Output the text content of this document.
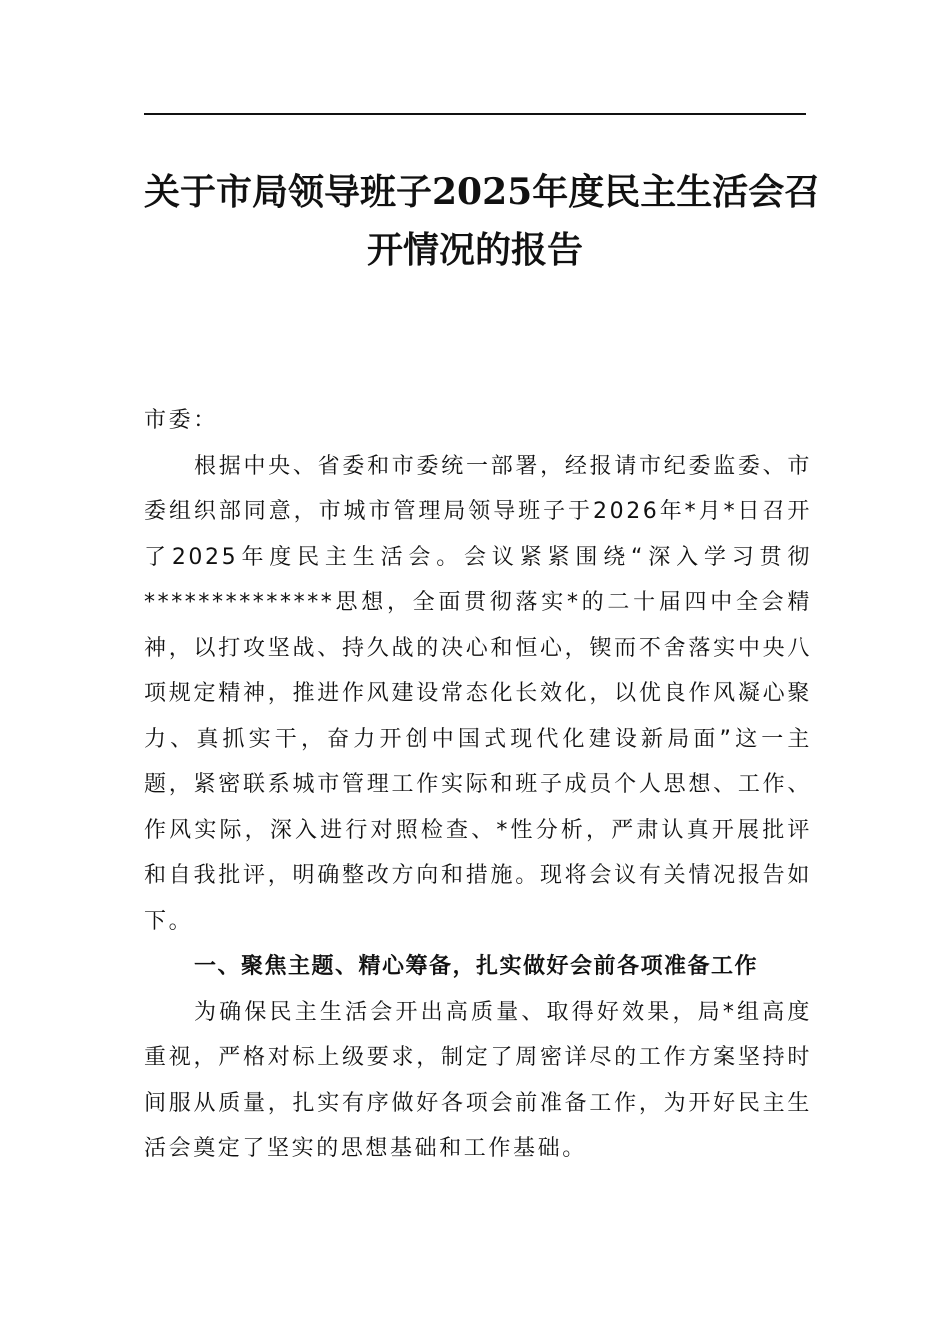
关于市局领导班子2025年度民主生活会召
开情况的报告

市委：

根据中央、省委和市委统一部署，经报请市纪委监委、市委组织部同意，市城市管理局领导班子于2026年*月*日召开了2025年度民主生活会。会议紧紧围绕“深入学习贯彻**************思想，全面贯彻落实*的二十届四中全会精神，以打攻坚战、持久战的决心和恒心，锲而不舍落实中央八项规定精神，推进作风建设常态化长效化，以优良作风凝心聚力、真抓实干，奋力开创中国式现代化建设新局面”这一主题，紧密联系城市管理工作实际和班子成员个人思想、工作、作风实际，深入进行对照检查、*性分析，严肃认真开展批评和自我批评，明确整改方向和措施。现将会议有关情况报告如下。

一、聚焦主题、精心筹备，扎实做好会前各项准备工作

为确保民主生活会开出高质量、取得好效果，局*组高度重视，严格对标上级要求，制定了周密详尽的工作方案坚持时间服从质量，扎实有序做好各项会前准备工作，为开好民主生活会奠定了坚实的思想基础和工作基础。
